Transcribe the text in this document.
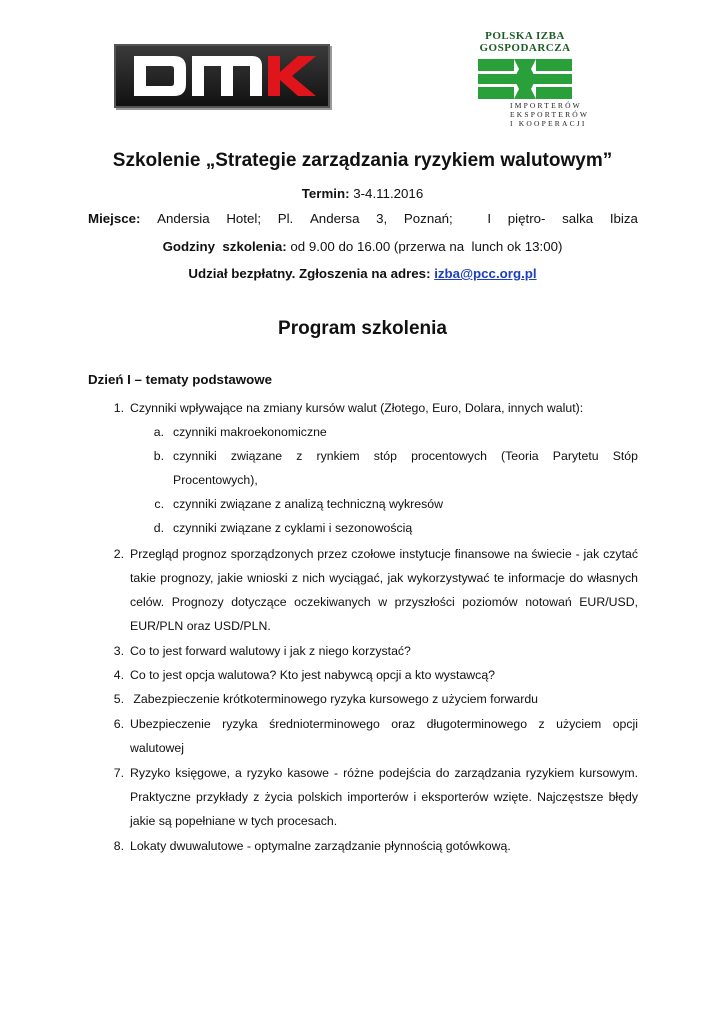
POLSKA IZBA
GOSPODARCZA
IMPORTERÓW
EKSPORTERÓW
I KOOPERACJI
Szkolenie „Strategie zarządzania ryzykiem walutowym”
Termin: 3-4.11.2016
Miejsce: Andersia Hotel; Pl. Andersa 3, Poznań;	I piętro- salka Ibiza
Godziny  szkolenia: od 9.00 do 16.00 (przerwa na  lunch ok 13:00)
Udział bezpłatny. Zgłoszenia na adres: izba@pcc.org.pl
Program szkolenia
Dzień I – tematy podstawowe
1. Czynniki wpływające na zmiany kursów walut (Złotego, Euro, Dolara, innych walut):
a. czynniki makroekonomiczne
b. czynniki związane z rynkiem stóp procentowych (Teoria Parytetu Stóp
Procentowych),
c. czynniki związane z analizą techniczną wykresów
d. czynniki związane z cyklami i sezonowością
2. Przegląd prognoz sporządzonych przez czołowe instytucje finansowe na świecie - jak czytać
takie prognozy, jakie wnioski z nich wyciągać, jak wykorzystywać te informacje do własnych
celów. Prognozy dotyczące oczekiwanych w przyszłości poziomów notowań EUR/USD,
EUR/PLN oraz USD/PLN.
3. Co to jest forward walutowy i jak z niego korzystać?
4. Co to jest opcja walutowa? Kto jest nabywcą opcji a kto wystawcą?
5. Zabezpieczenie krótkoterminowego ryzyka kursowego z użyciem forwardu
6. Ubezpieczenie ryzyka średnioterminowego oraz długoterminowego z użyciem opcji
walutowej
7. Ryzyko księgowe, a ryzyko kasowe - różne podejścia do zarządzania ryzykiem kursowym.
Praktyczne przykłady z życia polskich importerów i eksporterów wzięte. Najczęstsze błędy
jakie są popełniane w tych procesach.
8. Lokaty dwuwalutowe - optymalne zarządzanie płynnością gotówkową.
